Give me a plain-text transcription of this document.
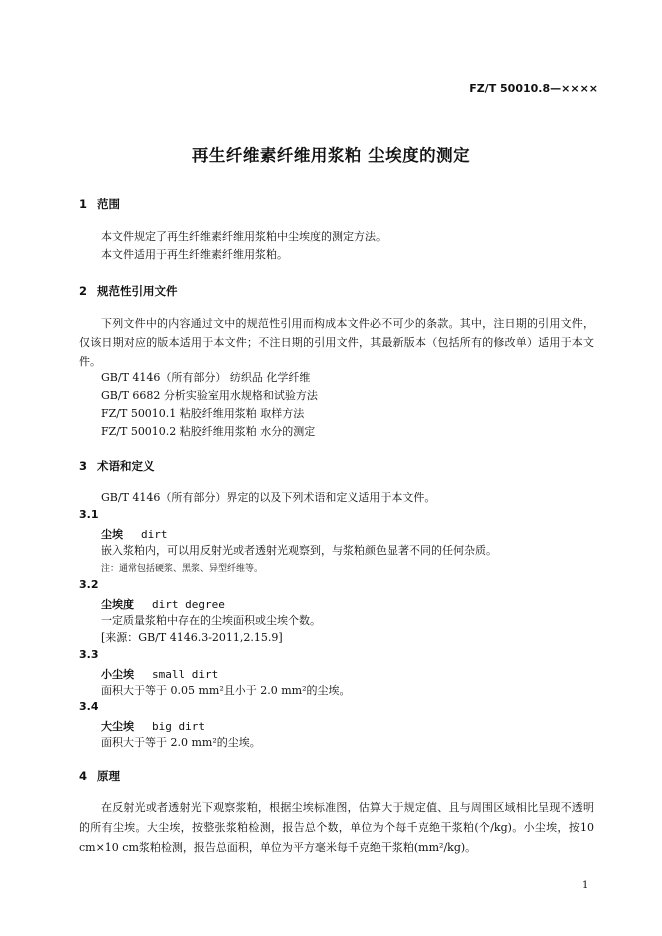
FZ/T 50010.8—××××
再生纤维素纤维用浆粕 尘埃度的测定
1 范围
本文件规定了再生纤维素纤维用浆粕中尘埃度的测定方法。
本文件适用于再生纤维素纤维用浆粕。
2 规范性引用文件
下列文件中的内容通过文中的规范性引用而构成本文件必不可少的条款。其中，注日期的引用文件，仅该日期对应的版本适用于本文件；不注日期的引用文件，其最新版本（包括所有的修改单）适用于本文件。
GB/T 4146（所有部分） 纺织品 化学纤维
GB/T 6682 分析实验室用水规格和试验方法
FZ/T 50010.1 粘胶纤维用浆粕 取样方法
FZ/T 50010.2 粘胶纤维用浆粕 水分的测定
3 术语和定义
GB/T 4146（所有部分）界定的以及下列术语和定义适用于本文件。
3.1
尘埃 dirt
嵌入浆粕内，可以用反射光或者透射光观察到，与浆粕颜色显著不同的任何杂质。
注：通常包括硬浆、黑浆、异型纤维等。
3.2
尘埃度 dirt degree
一定质量浆粕中存在的尘埃面积或尘埃个数。
[来源：GB/T 4146.3-2011,2.15.9]
3.3
小尘埃 small dirt
面积大于等于 0.05 mm²且小于 2.0 mm²的尘埃。
3.4
大尘埃 big dirt
面积大于等于 2.0 mm²的尘埃。
4 原理
在反射光或者透射光下观察浆粕，根据尘埃标准图，估算大于规定值、且与周围区域相比呈现不透明的所有尘埃。大尘埃，按整张浆粕检测，报告总个数，单位为个每千克绝干浆粕(个/kg)。小尘埃，按10 cm×10 cm浆粕检测，报告总面积，单位为平方毫米每千克绝干浆粕(mm²/kg)。
1
